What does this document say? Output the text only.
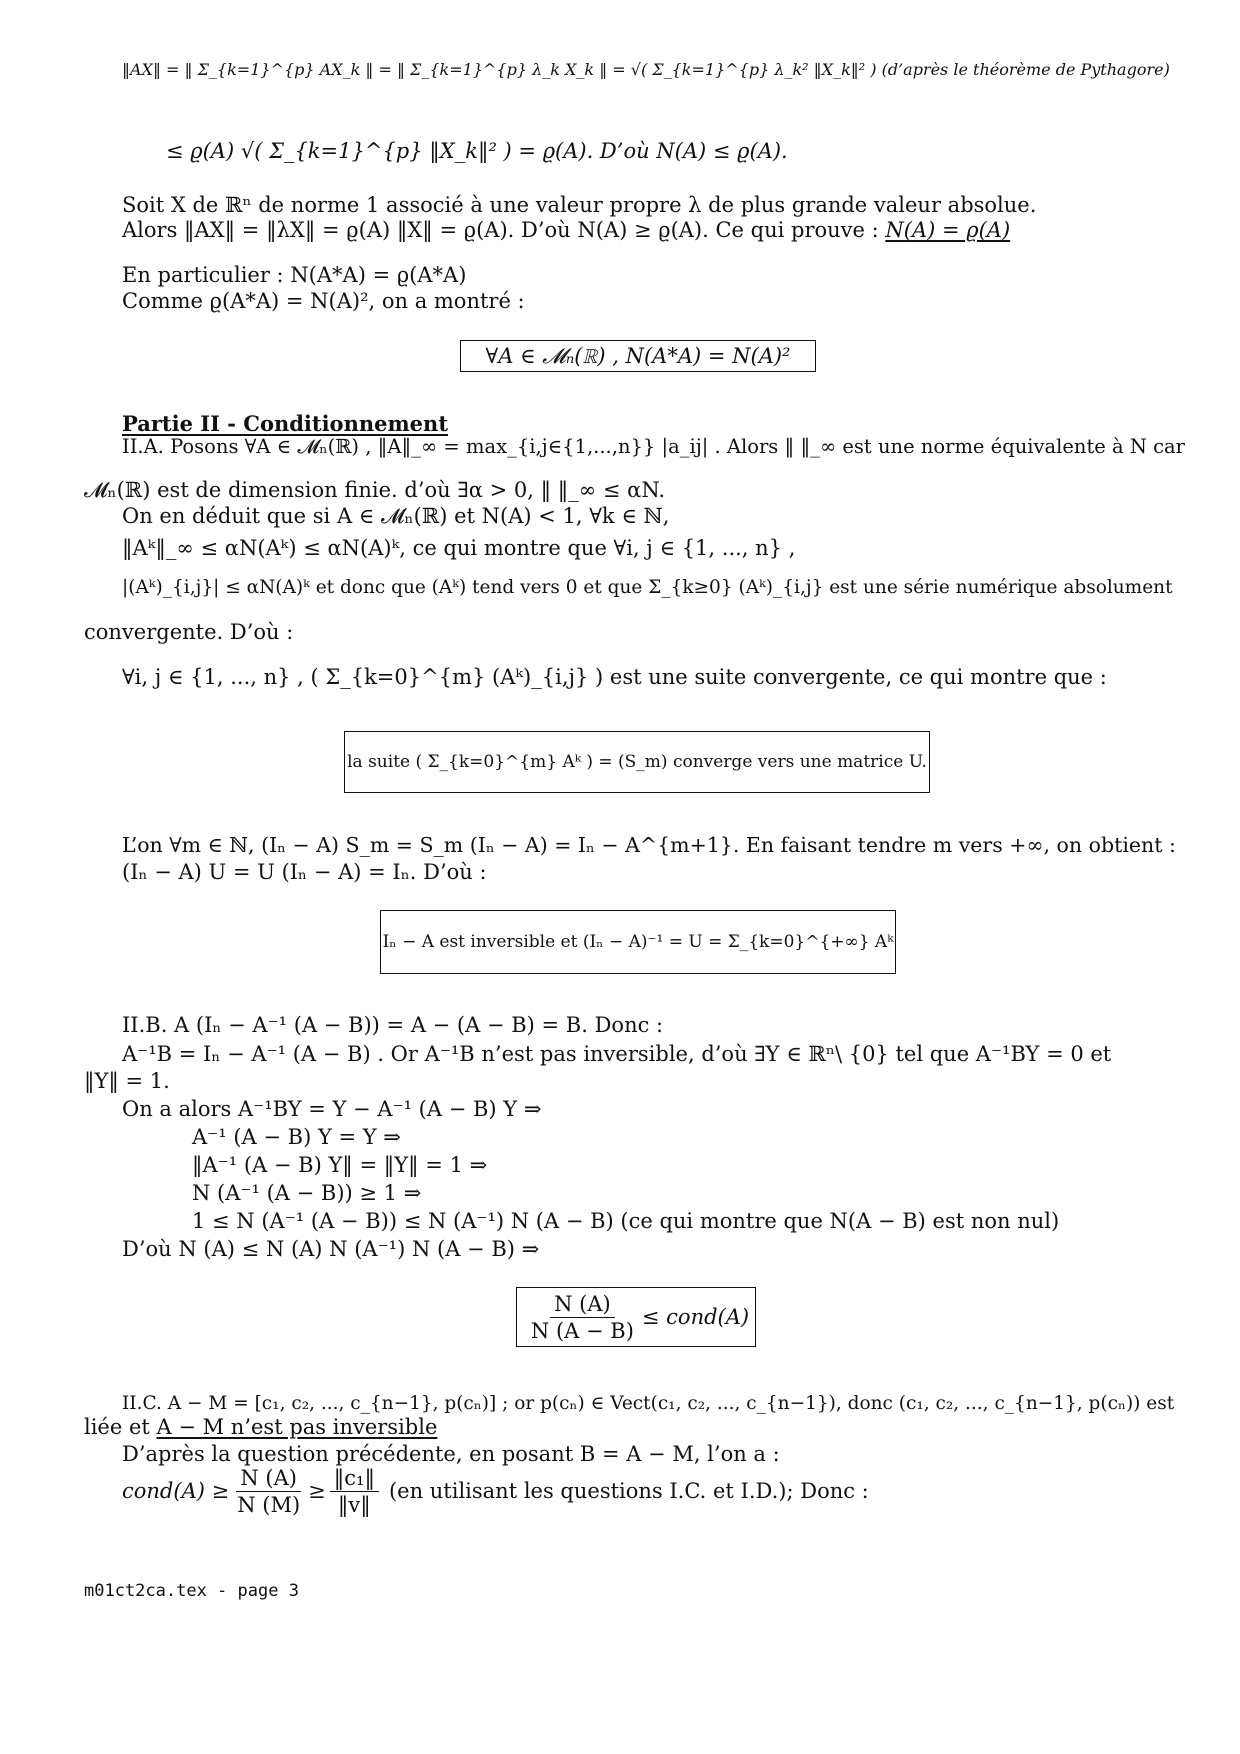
‖AX‖ = ‖ Σ_{k=1}^{p} AX_k ‖ = ‖ Σ_{k=1}^{p} λ_k X_k ‖ = √( Σ_{k=1}^{p} λ_k² ‖X_k‖² ) (d’après le théorème de Pythagore)
≤ ϱ(A) √( Σ_{k=1}^{p} ‖X_k‖² ) = ϱ(A). D’où N(A) ≤ ϱ(A).
Soit X de ℝⁿ de norme 1 associé à une valeur propre λ de plus grande valeur absolue.
Alors ‖AX‖ = ‖λX‖ = ϱ(A) ‖X‖ = ϱ(A). D’où N(A) ≥ ϱ(A). Ce qui prouve : N(A) = ϱ(A)
En particulier : N(A*A) = ϱ(A*A)
Comme ϱ(A*A) = N(A)², on a montré :
∀A ∈ 𝓜ₙ(ℝ) , N(A*A) = N(A)²
Partie II - Conditionnement
II.A. Posons ∀A ∈ 𝓜ₙ(ℝ) , ‖A‖_∞ = max_{i,j∈{1,...,n}} |a_ij| . Alors ‖ ‖_∞ est une norme équivalente à N car
𝓜ₙ(ℝ) est de dimension finie. d’où ∃α > 0, ‖ ‖_∞ ≤ αN.
On en déduit que si A ∈ 𝓜ₙ(ℝ) et N(A) < 1, ∀k ∈ ℕ,
‖Aᵏ‖_∞ ≤ αN(Aᵏ) ≤ αN(A)ᵏ, ce qui montre que ∀i, j ∈ {1, ..., n} ,
|(Aᵏ)_{i,j}| ≤ αN(A)ᵏ et donc que (Aᵏ) tend vers 0 et que Σ_{k≥0} (Aᵏ)_{i,j} est une série numérique absolument
convergente. D’où :
∀i, j ∈ {1, ..., n} , ( Σ_{k=0}^{m} (Aᵏ)_{i,j} ) est une suite convergente, ce qui montre que :
la suite ( Σ_{k=0}^{m} Aᵏ ) = (S_m) converge vers une matrice U.
L’on ∀m ∈ ℕ, (Iₙ − A) S_m = S_m (Iₙ − A) = Iₙ − A^{m+1}. En faisant tendre m vers +∞, on obtient :
(Iₙ − A) U = U (Iₙ − A) = Iₙ. D’où :
Iₙ − A est inversible et (Iₙ − A)⁻¹ = U = Σ_{k=0}^{+∞} Aᵏ
II.B. A (Iₙ − A⁻¹ (A − B)) = A − (A − B) = B. Donc :
A⁻¹B = Iₙ − A⁻¹ (A − B) . Or A⁻¹B n’est pas inversible, d’où ∃Y ∈ ℝⁿ\ {0} tel que A⁻¹BY = 0 et
‖Y‖ = 1.
On a alors A⁻¹BY = Y − A⁻¹ (A − B) Y ⇒
A⁻¹ (A − B) Y = Y ⇒
‖A⁻¹ (A − B) Y‖ = ‖Y‖ = 1 ⇒
N (A⁻¹ (A − B)) ≥ 1 ⇒
1 ≤ N (A⁻¹ (A − B)) ≤ N (A⁻¹) N (A − B) (ce qui montre que N(A − B) est non nul)
D’où N (A) ≤ N (A) N (A⁻¹) N (A − B) ⇒
$\frac{N (A)}{N (A - B)}$ ≤ cond(A)
II.C. A − M = [c₁, c₂, ..., c_{n−1}, p(cₙ)] ; or p(cₙ) ∈ Vect(c₁, c₂, ..., c_{n−1}), donc (c₁, c₂, ..., c_{n−1}, p(cₙ)) est
liée et A − M n’est pas inversible
D’après la question précédente, en posant B = A − M, l’on a :
cond(A) ≥ $\frac{N (A)}{N (M)} \ge \frac{\text{‖c₁‖}}{‖v‖} (en$ utilisant les questions I.C. et I.D.); Donc :
m01ct2ca.tex - page 3
